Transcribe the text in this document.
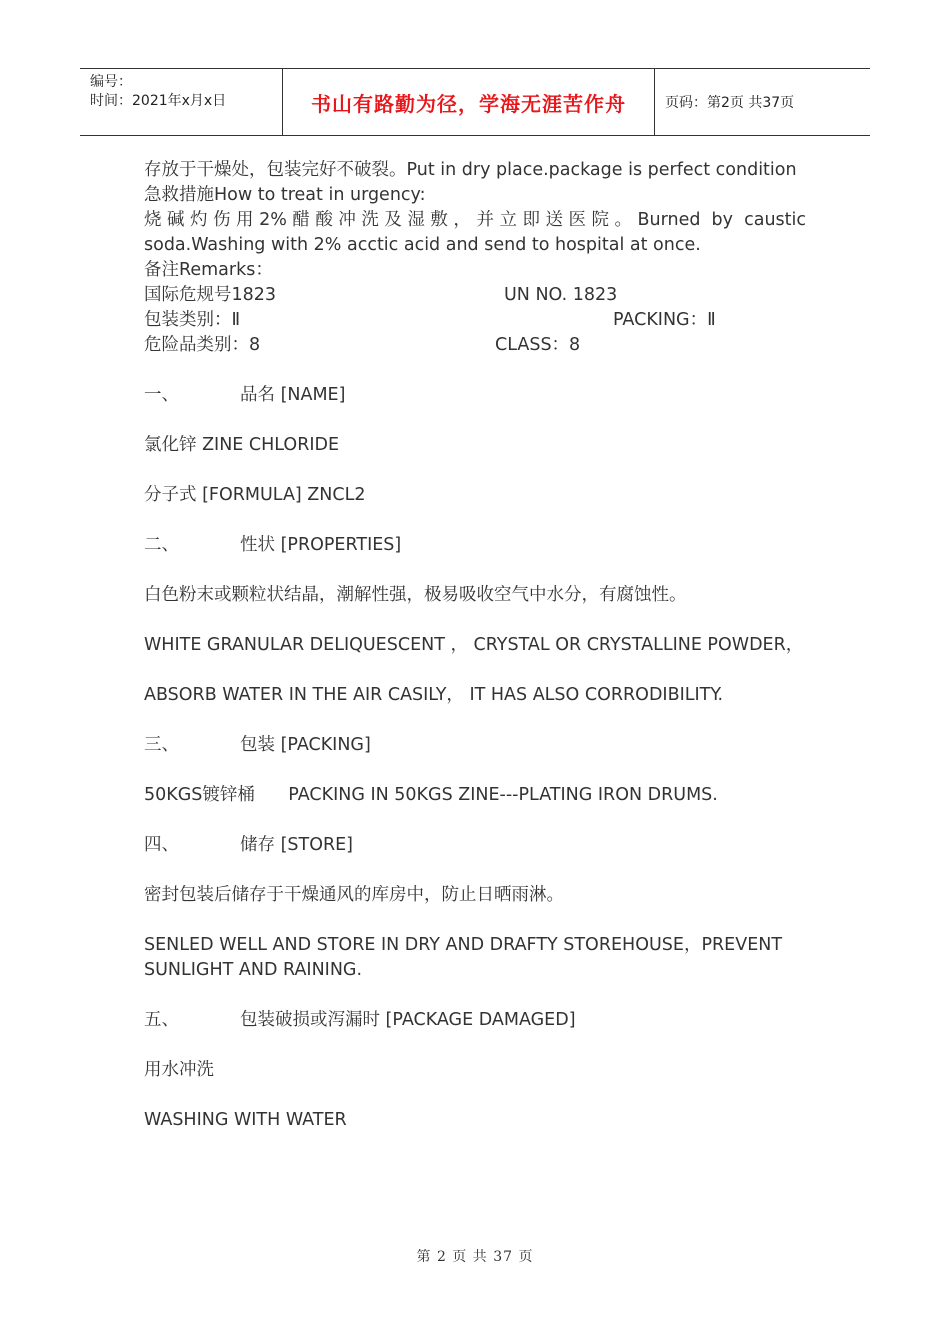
编号：
时间：2021年x月x日	书山有路勤为径，学海无涯苦作舟	页码：第2页 共37页

存放于干燥处，包装完好不破裂。Put in dry place.package is perfect condition

急救措施How to treat in urgency:

烧碱灼伤用2%醋酸冲洗及湿敷，并立即送医院。Burned by caustic soda.Washing with 2% acctic acid and send to hospital at once.

备注Remarks：

国际危规号1823	UN NO. 1823
包装类别：Ⅱ	PACKING：Ⅱ
危险品类别：8	CLASS：8
一、	品名 [NAME]

氯化锌 ZINE CHLORIDE

分子式 [FORMULA] ZNCL2

二、	性状 [PROPERTIES]

白色粉末或颗粒状结晶，潮解性强，极易吸收空气中水分，有腐蚀性。

WHITE GRANULAR DELIQUESCENT ， CRYSTAL OR CRYSTALLINE POWDER，

ABSORB WATER IN THE AIR CASILY， IT HAS ALSO CORRODIBILITY.

三、	包装 [PACKING]

50KGS镀锌桶      PACKING IN 50KGS ZINE---PLATING IRON DRUMS.

四、	储存 [STORE]

密封包装后储存于干燥通风的库房中，防止日晒雨淋。

SENLED WELL AND STORE IN DRY AND DRAFTY STOREHOUSE，PREVENT

SUNLIGHT AND RAINING.

五、	包装破损或泻漏时 [PACKAGE DAMAGED]

用水冲洗

WASHING WITH WATER

第 2 页 共 37 页
